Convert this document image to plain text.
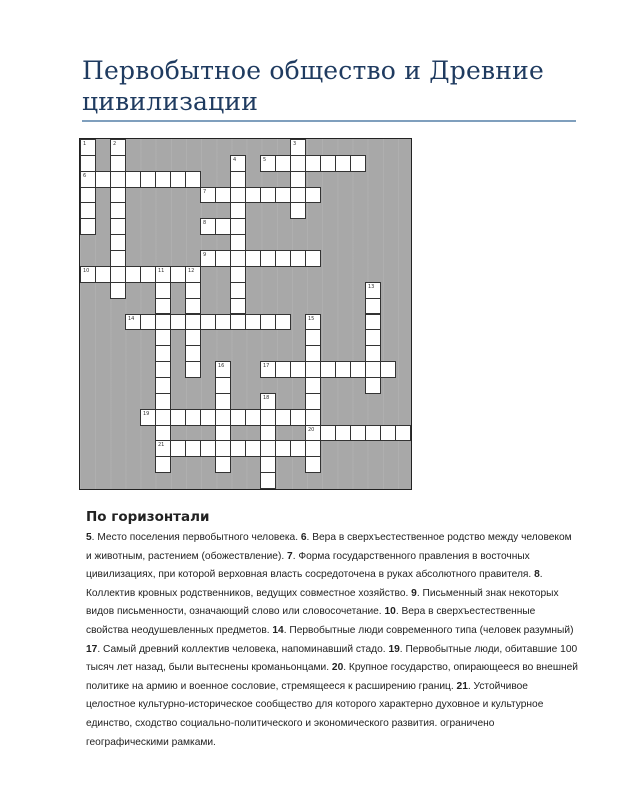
Первобытное общество и Древние цивилизации
1
6
2	3
4	5
7
8
9
10	11	12
21
13
14	15
20
16	17
18
19
По горизонтали
5. Место поселения первобытного человека. 6. Вера в сверхъестественное родство между человеком и животным, растением (обожествление). 7. Форма государственного правления в восточных цивилизациях, при которой верховная власть сосредоточена в руках абсолютного правителя. 8. Коллектив кровных родственников, ведущих совместное хозяйство. 9. Письменный знак некоторых видов письменности, означающий слово или словосочетание. 10. Вера в сверхъестественные свойства неодушевленных предметов. 14. Первобытные люди современного типа (человек разумный) 17. Самый древний коллектив человека, напоминавший стадо. 19. Первобытные люди, обитавшие 100 тысяч лет назад, были вытеснены кроманьонцами. 20. Крупное государство, опирающееся во внешней политике на армию и военное сословие, стремящееся к расширению границ. 21. Устойчивое целостное культурно-историческое сообщество для которого характерно духовное и культурное единство, сходство социально-политического и экономического развития. ограничено географическими рамками.
